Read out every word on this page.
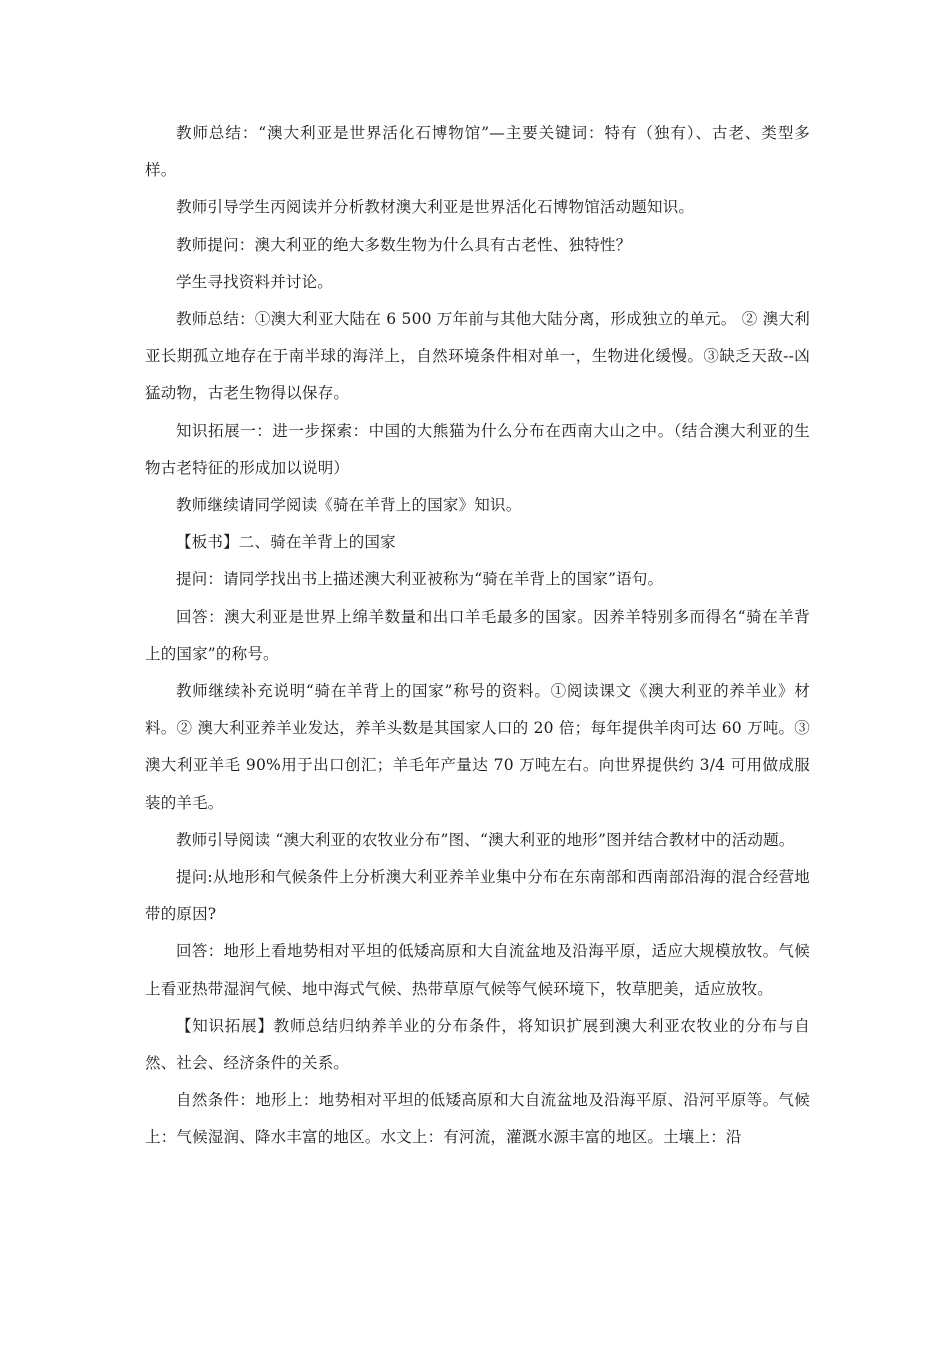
教师总结：“澳大利亚是世界活化石博物馆”—主要关键词：特有（独有）、古老、类型多样。

教师引导学生丙阅读并分析教材澳大利亚是世界活化石博物馆活动题知识。

教师提问：澳大利亚的绝大多数生物为什么具有古老性、独特性？

学生寻找资料并讨论。

教师总结：①澳大利亚大陆在 6 500 万年前与其他大陆分离，形成独立的单元。 ② 澳大利亚长期孤立地存在于南半球的海洋上，自然环境条件相对单一，生物进化缓慢。③缺乏天敌--凶猛动物，古老生物得以保存。

知识拓展一：进一步探索：中国的大熊猫为什么分布在西南大山之中。（结合澳大利亚的生物古老特征的形成加以说明）

教师继续请同学阅读《骑在羊背上的国家》知识。

【板书】二、骑在羊背上的国家

提问：请同学找出书上描述澳大利亚被称为“骑在羊背上的国家”语句。

回答：澳大利亚是世界上绵羊数量和出口羊毛最多的国家。因养羊特别多而得名“骑在羊背上的国家”的称号。

教师继续补充说明“骑在羊背上的国家”称号的资料。①阅读课文《澳大利亚的养羊业》材料。② 澳大利亚养羊业发达，养羊头数是其国家人口的 20 倍；每年提供羊肉可达 60 万吨。③澳大利亚羊毛 90%用于出口创汇；羊毛年产量达 70 万吨左右。向世界提供约 3/4 可用做成服装的羊毛。

教师引导阅读 “澳大利亚的农牧业分布”图、“澳大利亚的地形”图并结合教材中的活动题。

提问:从地形和气候条件上分析澳大利亚养羊业集中分布在东南部和西南部沿海的混合经营地带的原因?

回答：地形上看地势相对平坦的低矮高原和大自流盆地及沿海平原，适应大规模放牧。气候上看亚热带湿润气候、地中海式气候、热带草原气候等气候环境下，牧草肥美，适应放牧。

【知识拓展】教师总结归纳养羊业的分布条件，将知识扩展到澳大利亚农牧业的分布与自然、社会、经济条件的关系。

自然条件：地形上：地势相对平坦的低矮高原和大自流盆地及沿海平原、沿河平原等。气候上：气候湿润、降水丰富的地区。水文上：有河流，灌溉水源丰富的地区。土壤上：沿
